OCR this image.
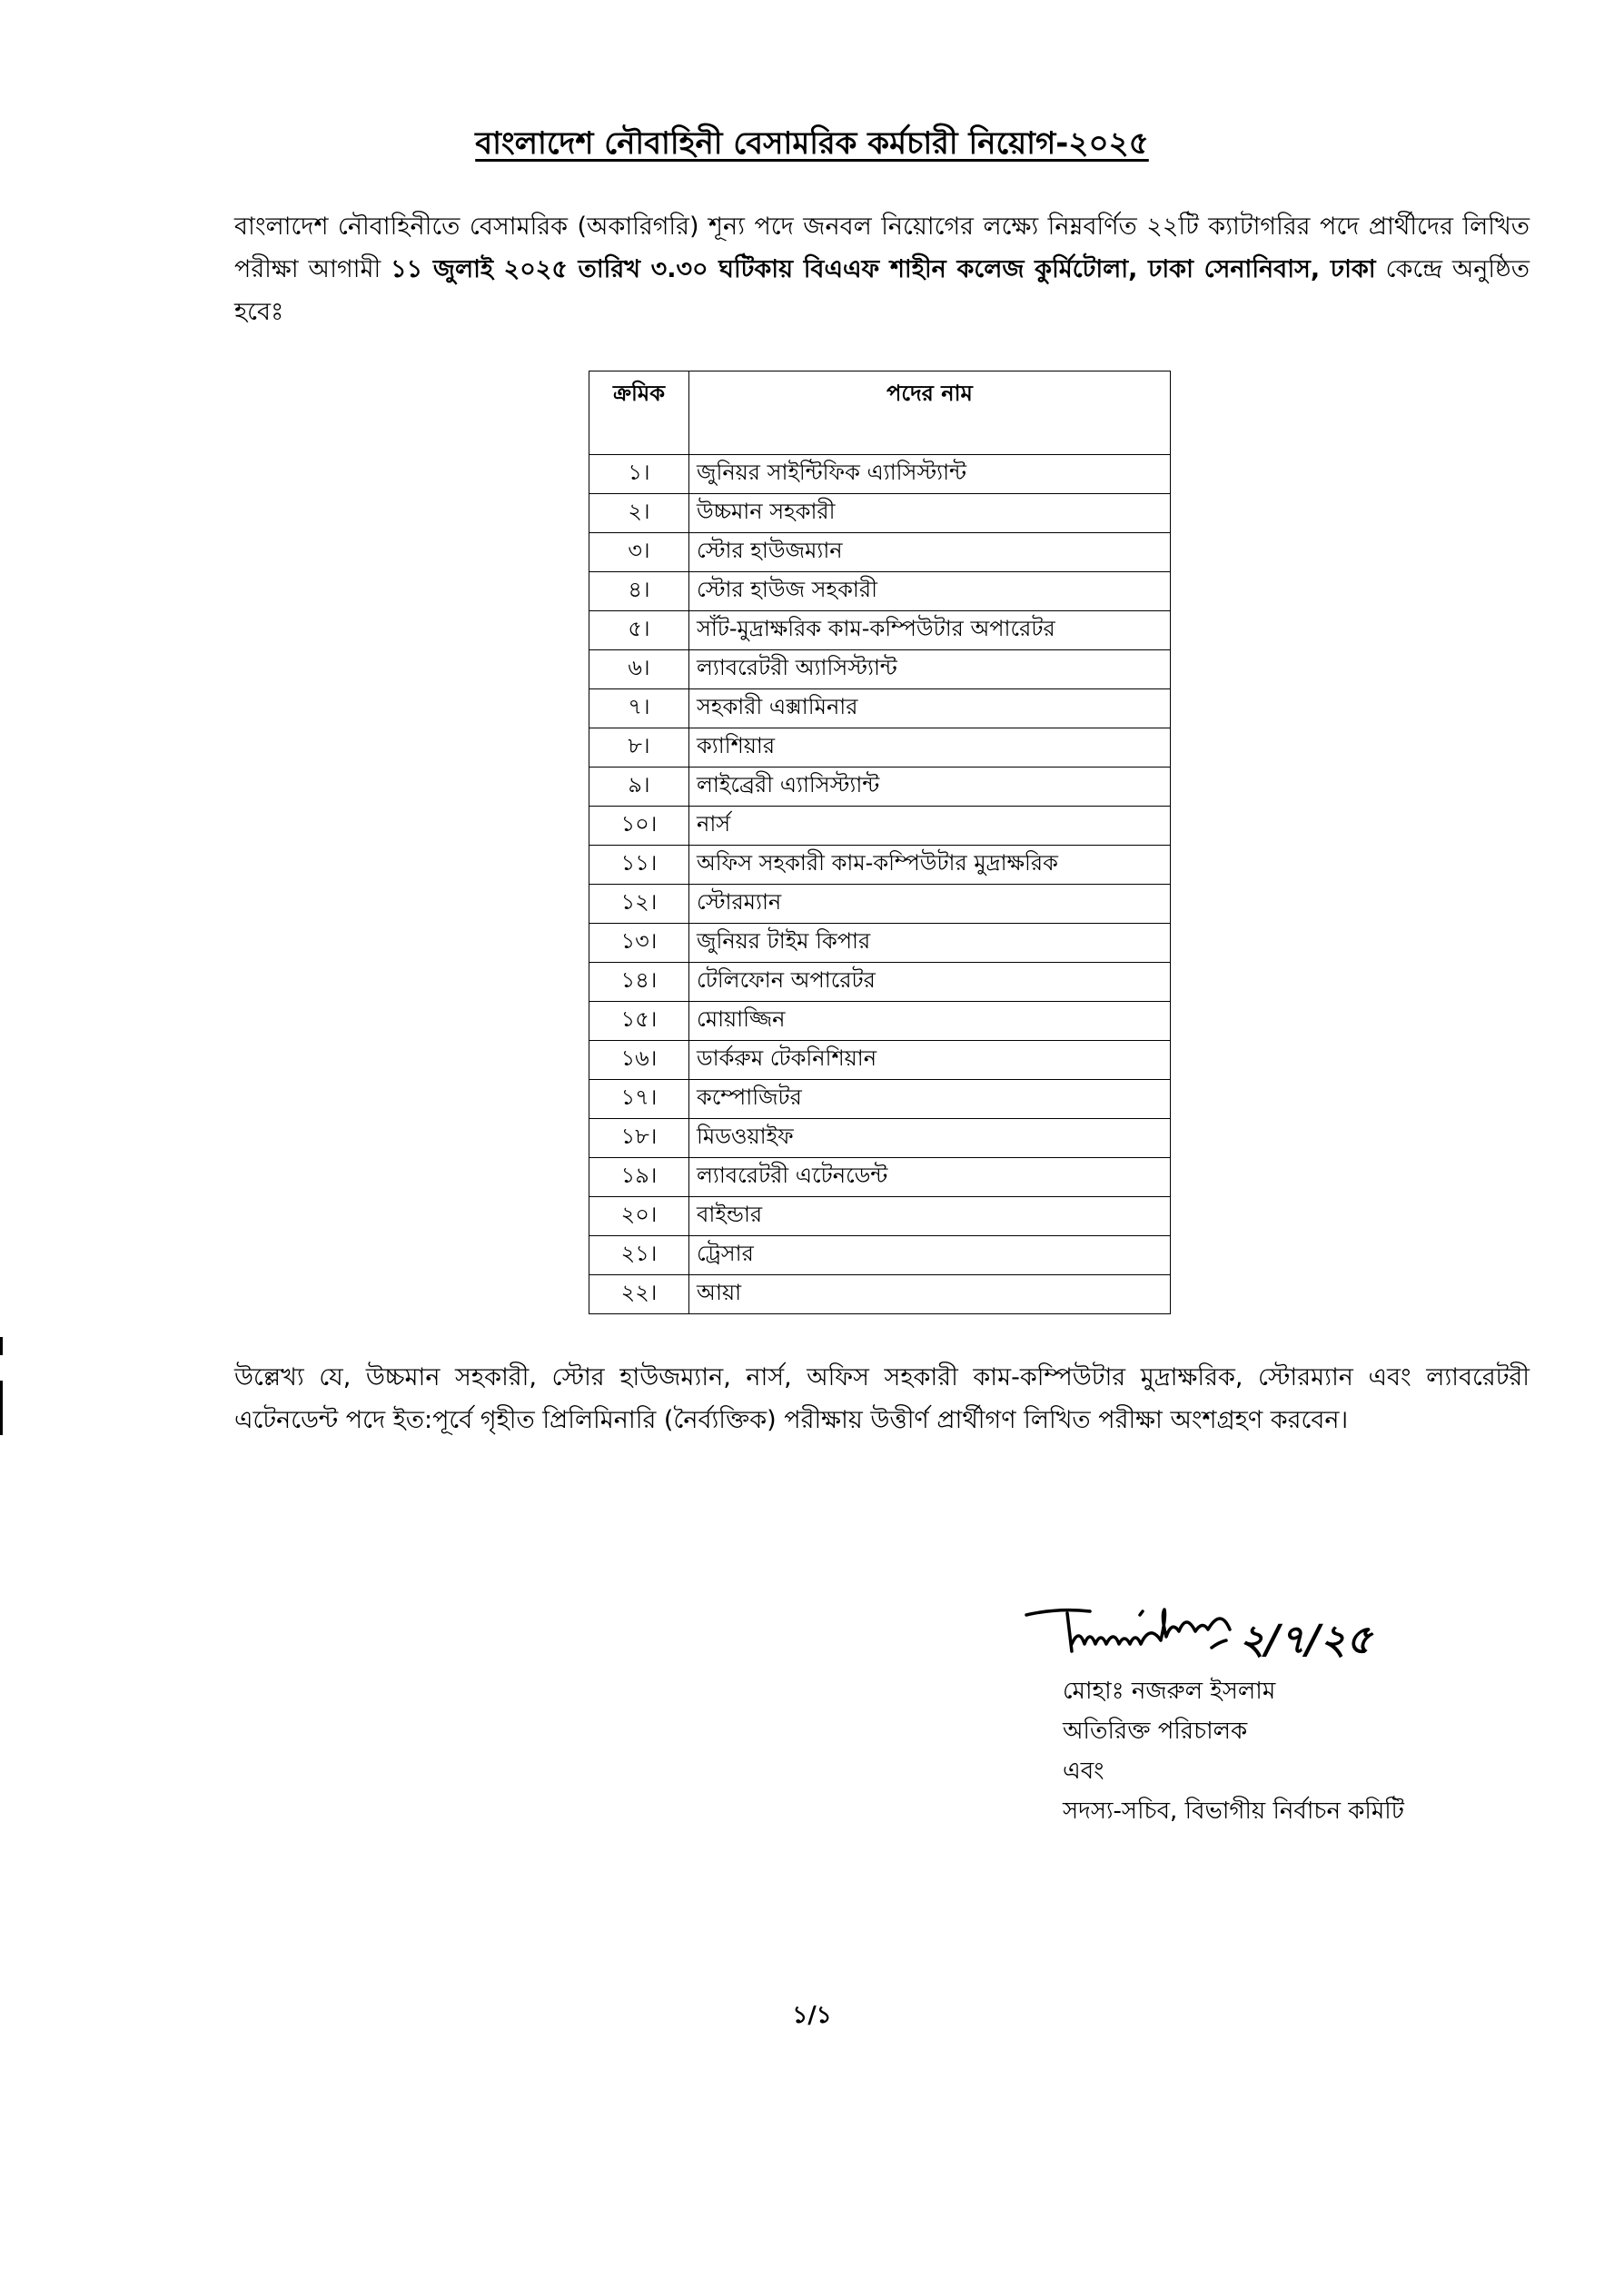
বাংলাদেশ নৌবাহিনী বেসামরিক কর্মচারী নিয়োগ-২০২৫
বাংলাদেশ নৌবাহিনীতে বেসামরিক (অকারিগরি) শূন্য পদে জনবল নিয়োগের লক্ষ্যে নিম্নবর্ণিত ২২টি ক্যাটাগরির পদে প্রার্থীদের লিখিত পরীক্ষা আগামী ১১ জুলাই ২০২৫ তারিখ ৩.৩০ ঘটিকায় বিএএফ শাহীন কলেজ কুর্মিটোলা, ঢাকা সেনানিবাস, ঢাকা কেন্দ্রে অনুষ্ঠিত হবেঃ
ক্রমিক	পদের নাম
১।	জুনিয়র সাইন্টিফিক এ্যাসিস্ট্যান্ট
২।	উচ্চমান সহকারী
৩।	স্টোর হাউজম্যান
৪।	স্টোর হাউজ সহকারী
৫।	সাঁট-মুদ্রাক্ষরিক কাম-কম্পিউটার অপারেটর
৬।	ল্যাবরেটরী অ্যাসিস্ট্যান্ট
৭।	সহকারী এক্সামিনার
৮।	ক্যাশিয়ার
৯।	লাইব্রেরী এ্যাসিস্ট্যান্ট
১০।	নার্স
১১।	অফিস সহকারী কাম-কম্পিউটার মুদ্রাক্ষরিক
১২।	স্টোরম্যান
১৩।	জুনিয়র টাইম কিপার
১৪।	টেলিফোন অপারেটর
১৫।	মোয়াজ্জিন
১৬।	ডার্করুম টেকনিশিয়ান
১৭।	কম্পোজিটর
১৮।	মিডওয়াইফ
১৯।	ল্যাবরেটরী এটেনডেন্ট
২০।	বাইন্ডার
২১।	ট্রেসার
২২।	আয়া
উল্লেখ্য যে, উচ্চমান সহকারী, স্টোর হাউজম্যান, নার্স, অফিস সহকারী কাম-কম্পিউটার মুদ্রাক্ষরিক, স্টোরম্যান এবং ল্যাবরেটরী এটেনডেন্ট পদে ইত:পূর্বে গৃহীত প্রিলিমিনারি (নৈর্ব্যক্তিক) পরীক্ষায় উত্তীর্ণ প্রার্থীগণ লিখিত পরীক্ষা অংশগ্রহণ করবেন।
২/৭/২৫
মোহাঃ নজরুল ইসলাম
অতিরিক্ত পরিচালক
এবং
সদস্য-সচিব, বিভাগীয় নির্বাচন কমিটি
১/১
